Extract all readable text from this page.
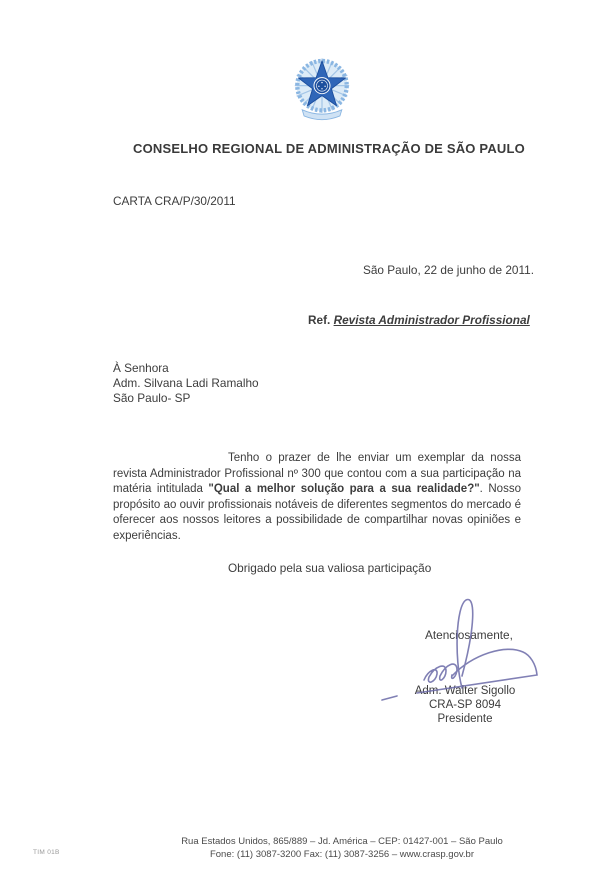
CONSELHO REGIONAL DE ADMINISTRAÇÃO DE SÃO PAULO
CARTA CRA/P/30/2011
São Paulo, 22 de junho de 2011.
Ref. Revista Administrador Profissional
À Senhora
Adm. Silvana Ladi Ramalho
São Paulo- SP

Tenho o prazer de lhe enviar um exemplar da nossa revista Administrador Profissional nº 300 que contou com a sua participação na matéria intitulada "Qual a melhor solução para a sua realidade?". Nosso propósito ao ouvir profissionais notáveis de diferentes segmentos do mercado é oferecer aos nossos leitores a possibilidade de compartilhar novas opiniões e experiências.

Obrigado pela sua valiosa participação
Atenciosamente,
Adm. Walter Sigollo
CRA-SP 8094
Presidente
Rua Estados Unidos, 865/889 – Jd. América – CEP: 01427-001 – São Paulo
Fone: (11) 3087-3200 Fax: (11) 3087-3256 – www.crasp.gov.br
TIM 01B
